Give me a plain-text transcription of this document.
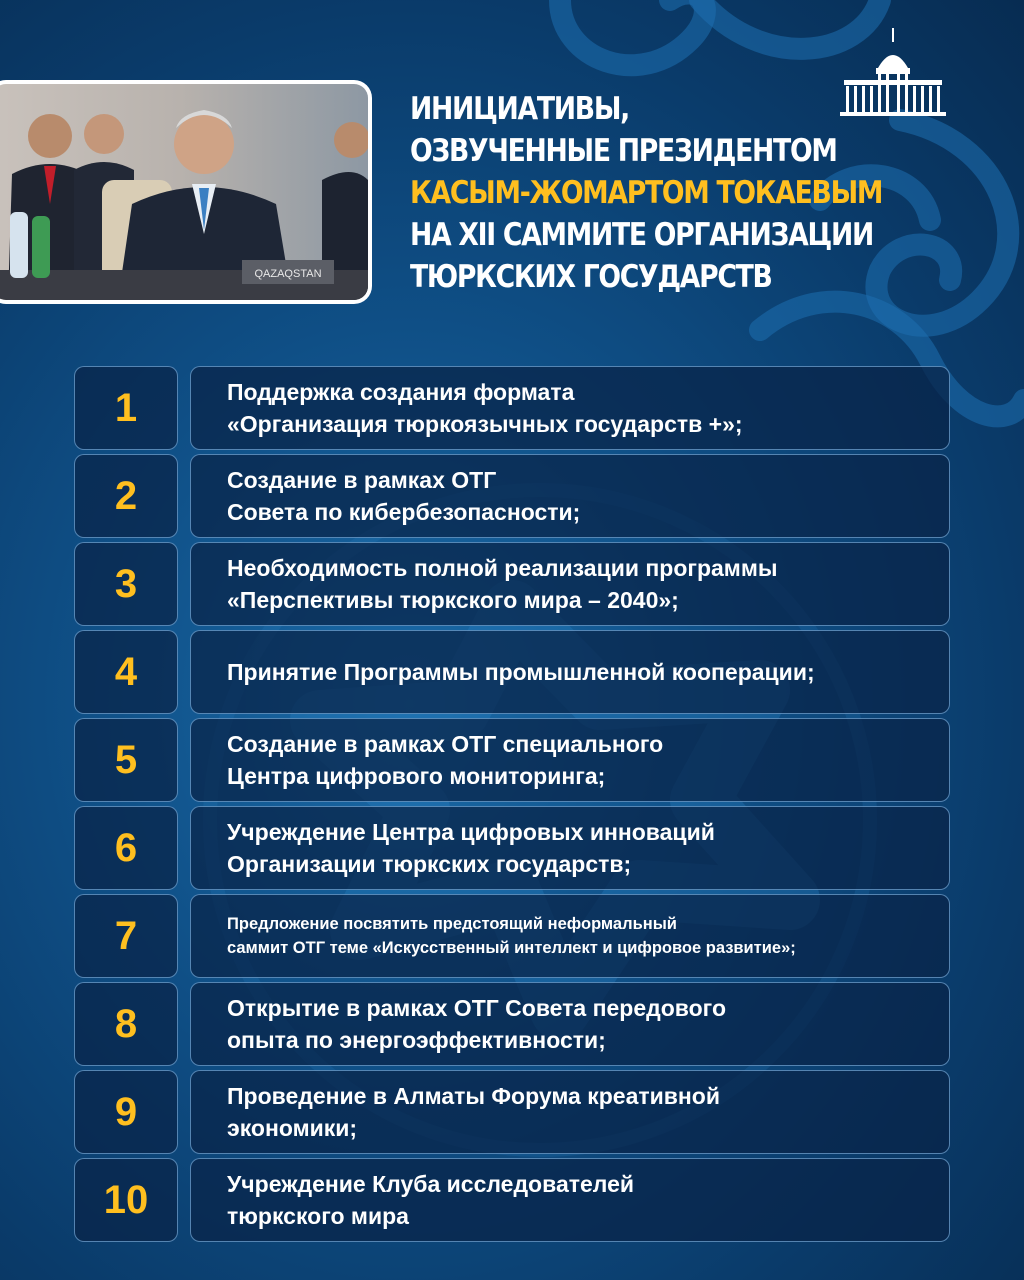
QAZAQSTAN
ИНИЦИАТИВЫ,
ОЗВУЧЕННЫЕ ПРЕЗИДЕНТОМ
КАСЫМ-ЖОМАРТОМ ТОКАЕВЫМ
НА XII САММИТЕ ОРГАНИЗАЦИИ
ТЮРКСКИХ ГОСУДАРСТВ
1	Поддержка создания формата
«Организация тюркоязычных государств +»;
2	Создание в рамках ОТГ
Совета по кибербезопасности;
3	Необходимость полной реализации программы
«Перспективы тюркского мира – 2040»;
4	Принятие Программы промышленной кооперации;
5	Создание в рамках ОТГ специального
Центра цифрового мониторинга;
6	Учреждение Центра цифровых инноваций
Организации тюркских государств;
7	Предложение посвятить предстоящий неформальный
саммит ОТГ теме «Искусственный интеллект и цифровое развитие»;
8	Открытие в рамках ОТГ Совета передового
опыта по энергоэффективности;
9	Проведение в Алматы Форума креативной
экономики;
10	Учреждение Клуба исследователей
тюркского мира
